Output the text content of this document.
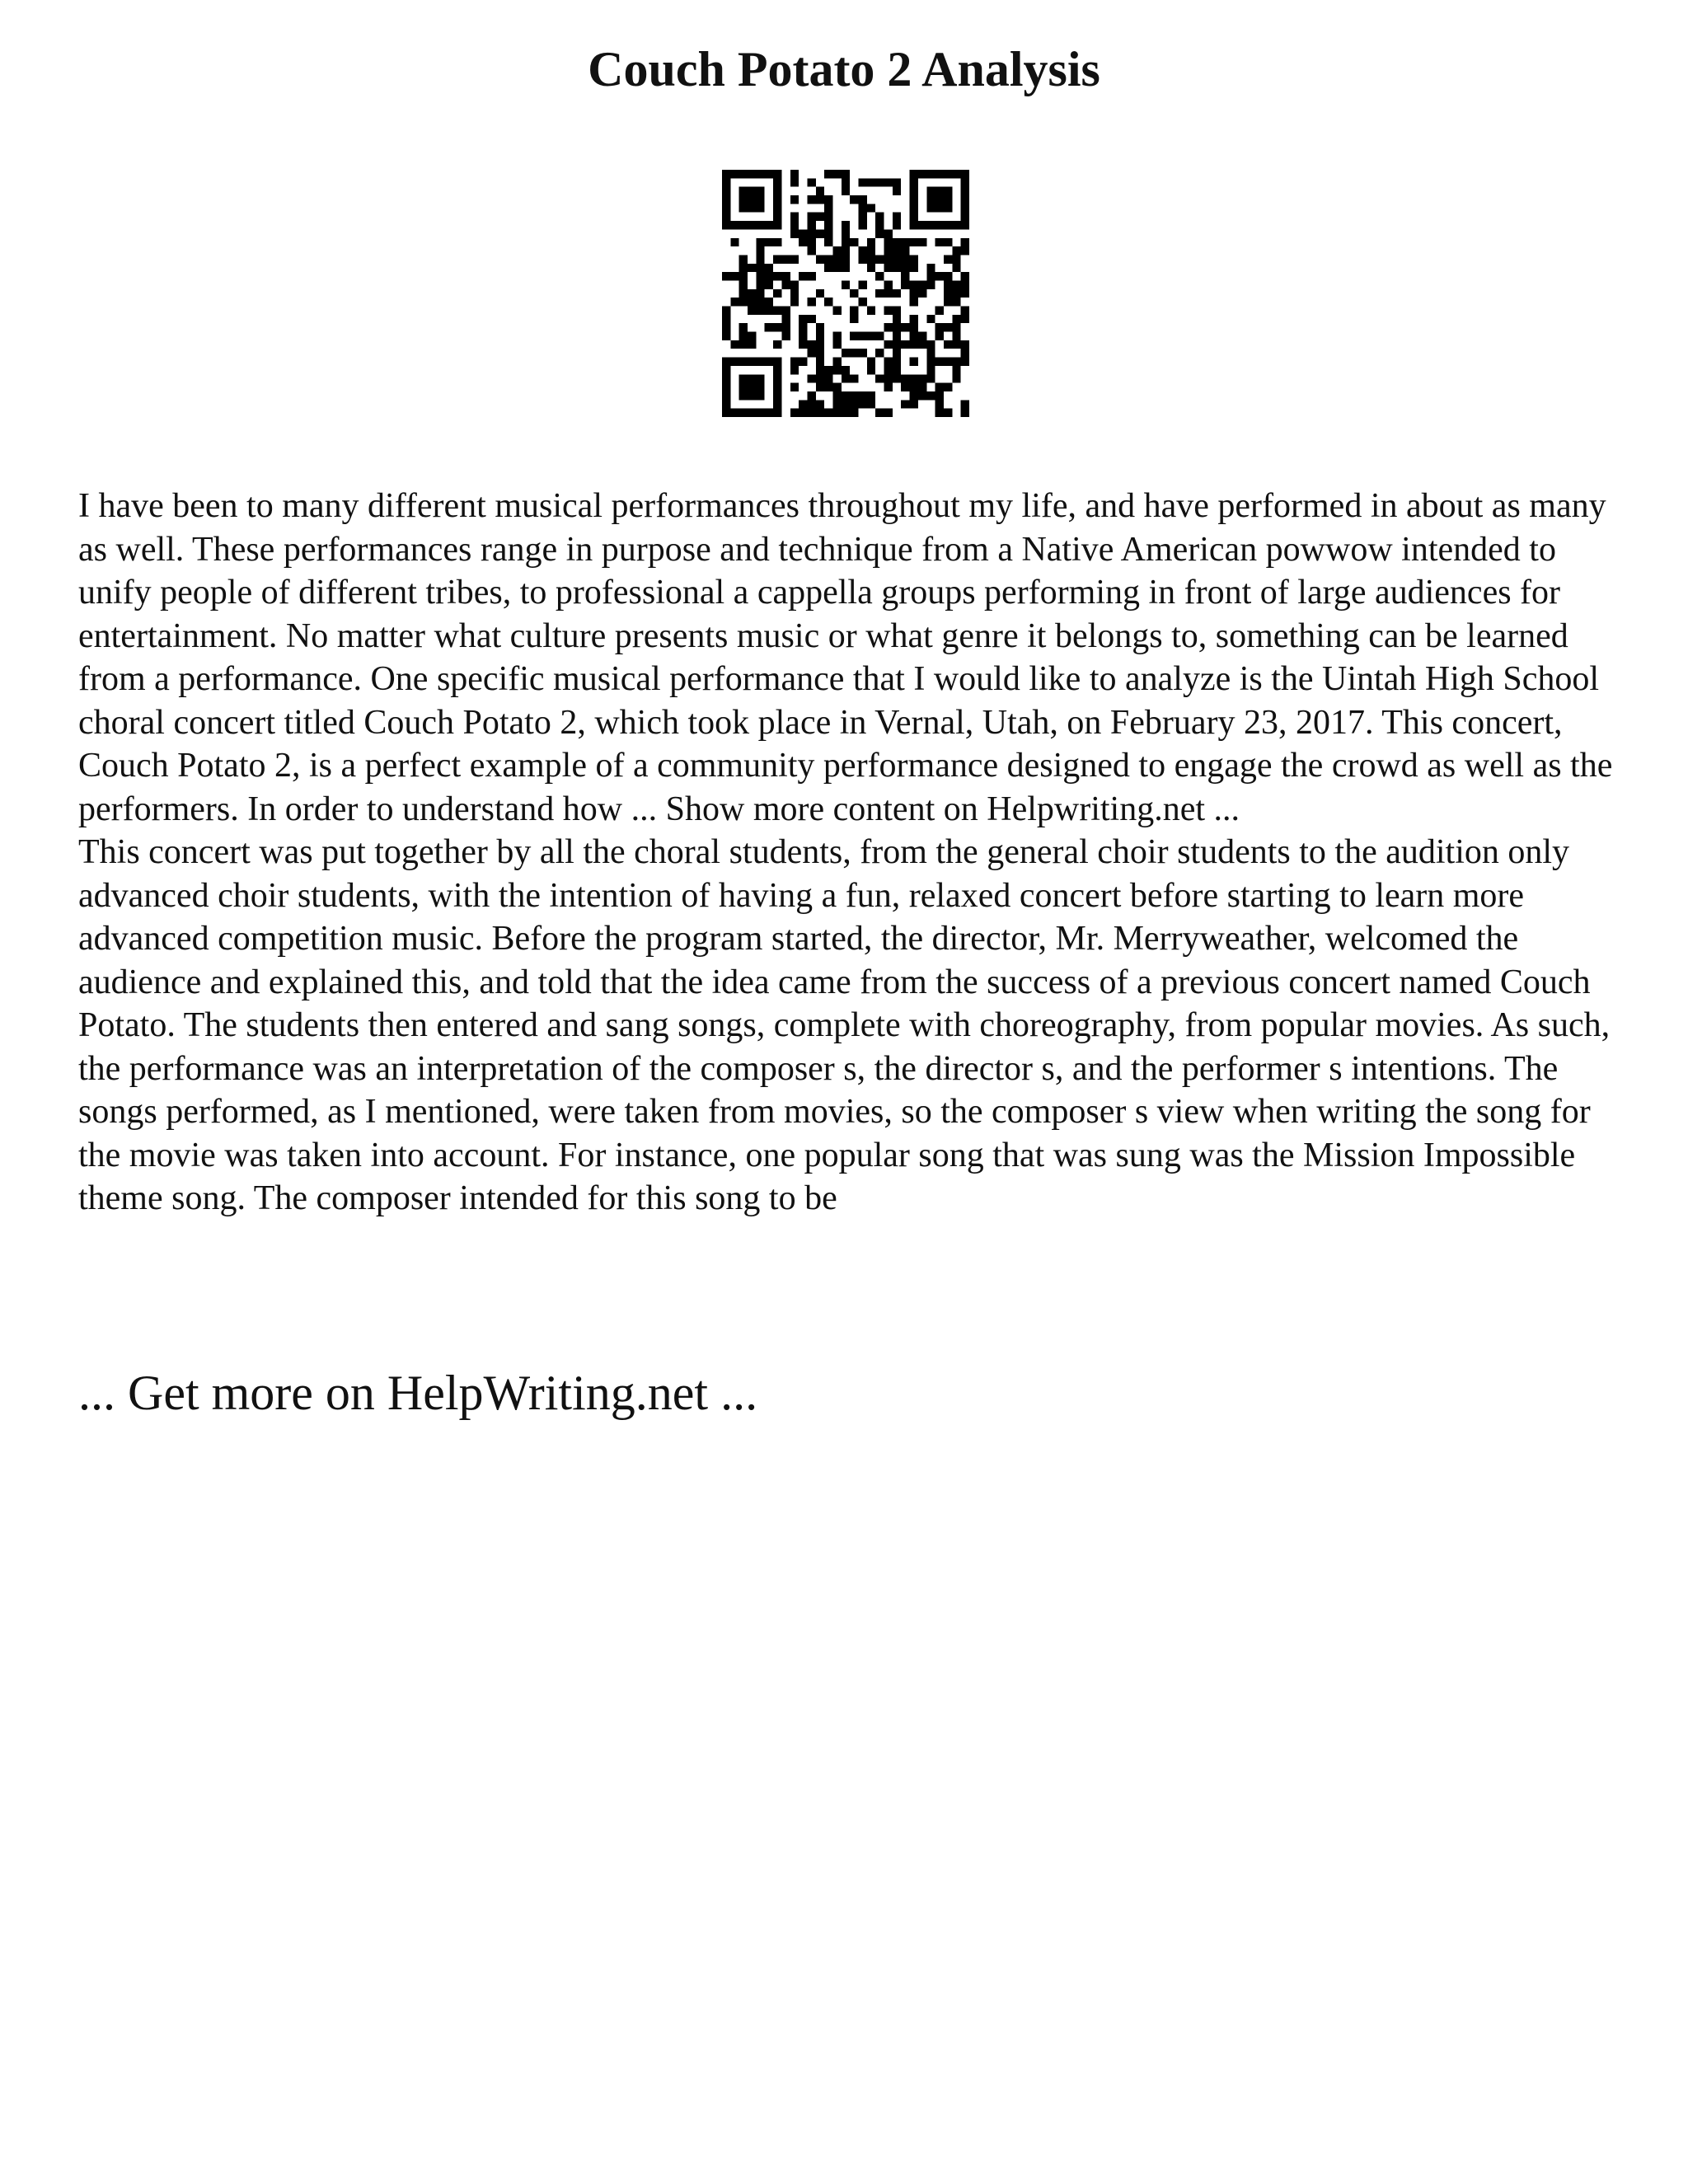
Couch Potato 2 Analysis

I have been to many different musical performances throughout my life, and have performed in about as many as well. These performances range in purpose and technique from a Native American powwow intended to unify people of different tribes, to professional a cappella groups performing in front of large audiences for entertainment. No matter what culture presents music or what genre it belongs to, something can be learned from a performance. One specific musical performance that I would like to analyze is the Uintah High School choral concert titled Couch Potato 2, which took place in Vernal, Utah, on February 23, 2017. This concert, Couch Potato 2, is a perfect example of a community performance designed to engage the crowd as well as the performers. In order to understand how ... Show more content on Helpwriting.net ...

This concert was put together by all the choral students, from the general choir students to the audition only advanced choir students, with the intention of having a fun, relaxed concert before starting to learn more advanced competition music. Before the program started, the director, Mr. Merryweather, welcomed the audience and explained this, and told that the idea came from the success of a previous concert named Couch Potato. The students then entered and sang songs, complete with choreography, from popular movies. As such, the performance was an interpretation of the composer s, the director s, and the performer s intentions. The songs performed, as I mentioned, were taken from movies, so the composer s view when writing the song for the movie was taken into account. For instance, one popular song that was sung was the Mission Impossible theme song. The composer intended for this song to be

... Get more on HelpWriting.net ...
